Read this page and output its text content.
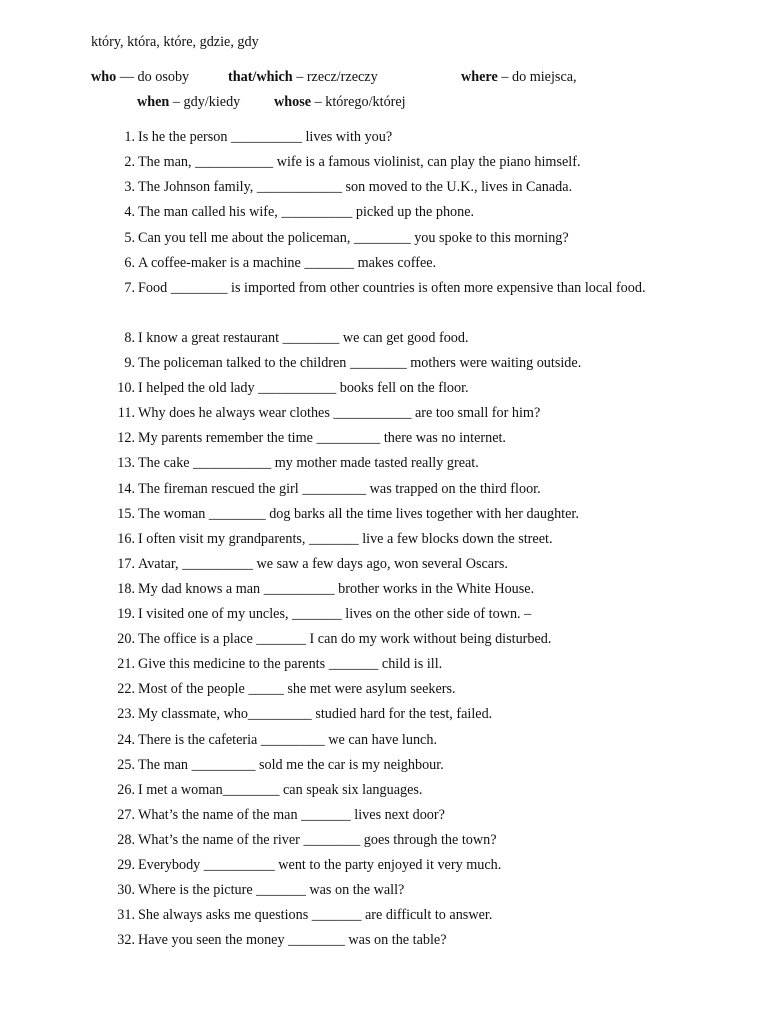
który, która, które, gdzie, gdy
who — do osoby	that/which – rzecz/rzeczy	where – do miejsca,
when – gdy/kiedy whose – którego/której
1. Is he the person __________ lives with you?
2. The man, ___________ wife is a famous violinist, can play the piano himself.
3. The Johnson family, ____________ son moved to the U.K., lives in Canada.
4. The man called his wife, __________ picked up the phone.
5. Can you tell me about the policeman, ________ you spoke to this morning?
6. A coffee-maker is a machine _______ makes coffee.
7. Food ________ is imported from other countries is often more expensive than local food.
8. I know a great restaurant ________ we can get good food.
9. The policeman talked to the children ________ mothers were waiting outside.
10. I helped the old lady ___________ books fell on the floor.
11. Why does he always wear clothes ___________ are too small for him?
12. My parents remember the time _________ there was no internet.
13. The cake ___________ my mother made tasted really great.
14. The fireman rescued the girl _________ was trapped on the third floor.
15. The woman ________ dog barks all the time lives together with her daughter.
16. I often visit my grandparents, _______ live a few blocks down the street.
17. Avatar, __________ we saw a few days ago, won several Oscars.
18. My dad knows a man __________ brother works in the White House.
19. I visited one of my uncles, _______ lives on the other side of town. –
20. The office is a place _______ I can do my work without being disturbed.
21. Give this medicine to the parents _______ child is ill.
22. Most of the people _____ she met were asylum seekers.
23. My classmate, who_________ studied hard for the test, failed.
24. There is the cafeteria _________ we can have lunch.
25. The man _________ sold me the car is my neighbour.
26. I met a woman________ can speak six languages.
27. What’s the name of the man _______ lives next door?
28. What’s the name of the river ________ goes through the town?
29. Everybody __________ went to the party enjoyed it very much.
30. Where is the picture _______ was on the wall?
31. She always asks me questions _______ are difficult to answer.
32. Have you seen the money ________ was on the table?
